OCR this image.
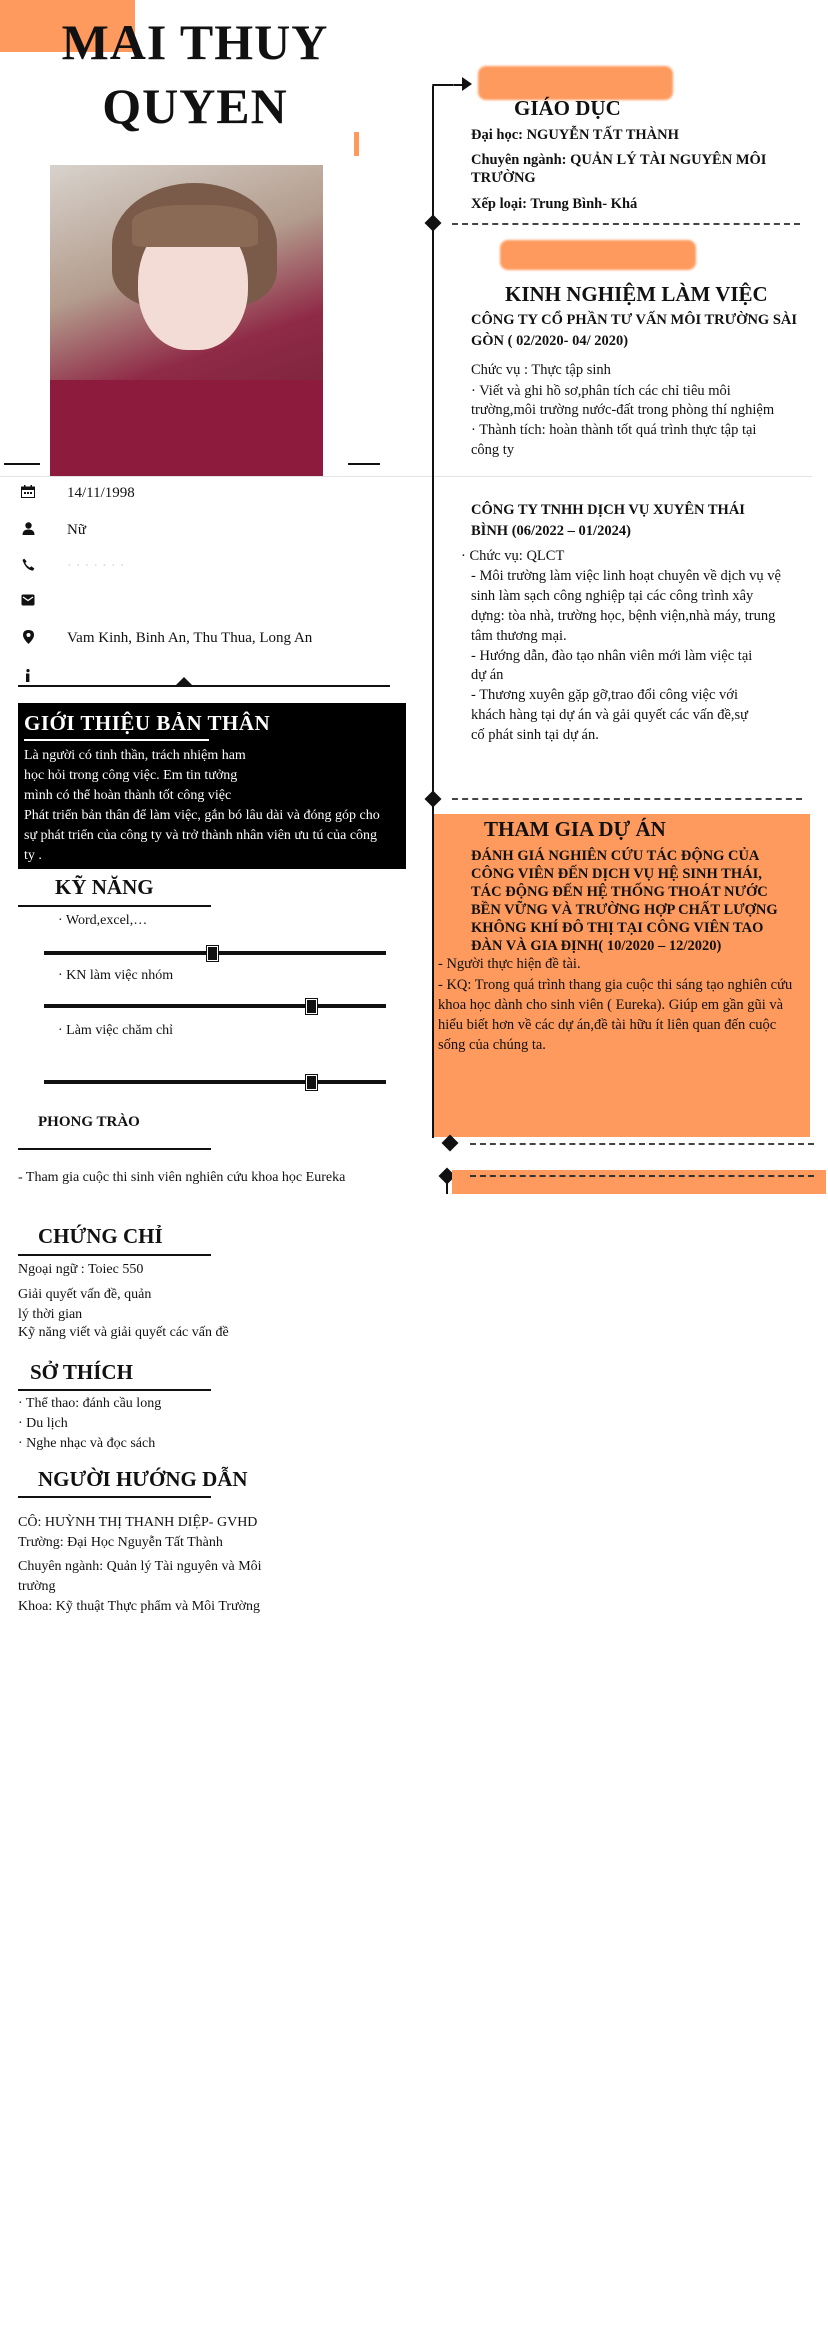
MAI THUY
QUYEN
14/11/1998
Nữ
· · · · · · ·
Vam Kinh, Binh An, Thu Thua, Long An
GIỚI THIỆU BẢN THÂN
Là người có tinh thần, trách nhiệm ham
học hỏi trong công việc. Em tin tưởng
mình có thể hoàn thành tốt công việc
Phát triển bản thân để làm việc, gắn bó lâu dài và đóng góp cho
sự phát triển của công ty và trở thành nhân viên ưu tú của công
ty .
KỸ NĂNG
· Word,excel,…
· KN làm việc nhóm
· Làm việc chăm chỉ
PHONG TRÀO
- Tham gia cuộc thi sinh viên nghiên cứu khoa học Eureka
CHỨNG CHỈ
Ngoại ngữ : Toiec 550
Giải quyết vấn đề, quản
lý thời gian
Kỹ năng viết và giải quyết các vấn đề
SỞ THÍCH
· Thể thao: đánh cầu long
· Du lịch
· Nghe nhạc và đọc sách
NGƯỜI HƯỚNG DẪN
CÔ: HUỲNH THỊ THANH DIỆP- GVHD
Trường: Đại Học Nguyễn Tất Thành
Chuyên ngành: Quản lý Tài nguyên và Môi
trường
Khoa: Kỹ thuật Thực phẩm và Môi Trường
GIÁO DỤC
Đại học: NGUYỄN TẤT THÀNH
Chuyên ngành: QUẢN LÝ TÀI NGUYÊN MÔI
TRƯỜNG
Xếp loại: Trung Bình- Khá
KINH NGHIỆM LÀM VIỆC
CÔNG TY CỔ PHẦN TƯ VẤN MÔI TRƯỜNG SÀI
GÒN ( 02/2020- 04/ 2020)
Chức vụ : Thực tập sinh
· Viết và ghi hồ sơ,phân tích các chỉ tiêu môi
trường,môi trường nước-đất trong phòng thí nghiệm
· Thành tích: hoàn thành tốt quá trình thực tập tại
công ty
CÔNG TY TNHH DỊCH VỤ XUYÊN THÁI
BÌNH (06/2022 – 01/2024)
· Chức vụ: QLCT
- Môi trường làm việc linh hoạt chuyên về dịch vụ vệ
sinh làm sạch công nghiệp tại các công trình xây
dựng: tòa nhà, trường học, bệnh viện,nhà máy, trung
tâm thương mại.
- Hướng dẫn, đào tạo nhân viên mới làm việc tại
dự án
- Thương xuyên gặp gỡ,trao đổi công việc với
khách hàng tại dự án và gải quyết các vấn đề,sự
cố phát sinh tại dự án.
THAM GIA DỰ ÁN
ĐÁNH GIÁ NGHIÊN CỨU TÁC ĐỘNG CỦA
CÔNG VIÊN ĐẾN DỊCH VỤ HỆ SINH THÁI,
TÁC ĐỘNG ĐẾN HỆ THỐNG THOÁT NƯỚC
BỀN VỮNG VÀ TRƯỜNG HỢP CHẤT LƯỢNG
KHÔNG KHÍ ĐÔ THỊ TẠI CÔNG VIÊN TAO
ĐÀN VÀ GIA ĐỊNH( 10/2020 – 12/2020)
- Người thực hiện đề tài.
- KQ: Trong quá trình thang gia cuộc thi sáng tạo nghiên cứu
khoa học dành cho sinh viên ( Eureka). Giúp em gần gũi và
hiểu biết hơn về các dự án,đề tài hữu ít liên quan đến cuộc
sống của chúng ta.
